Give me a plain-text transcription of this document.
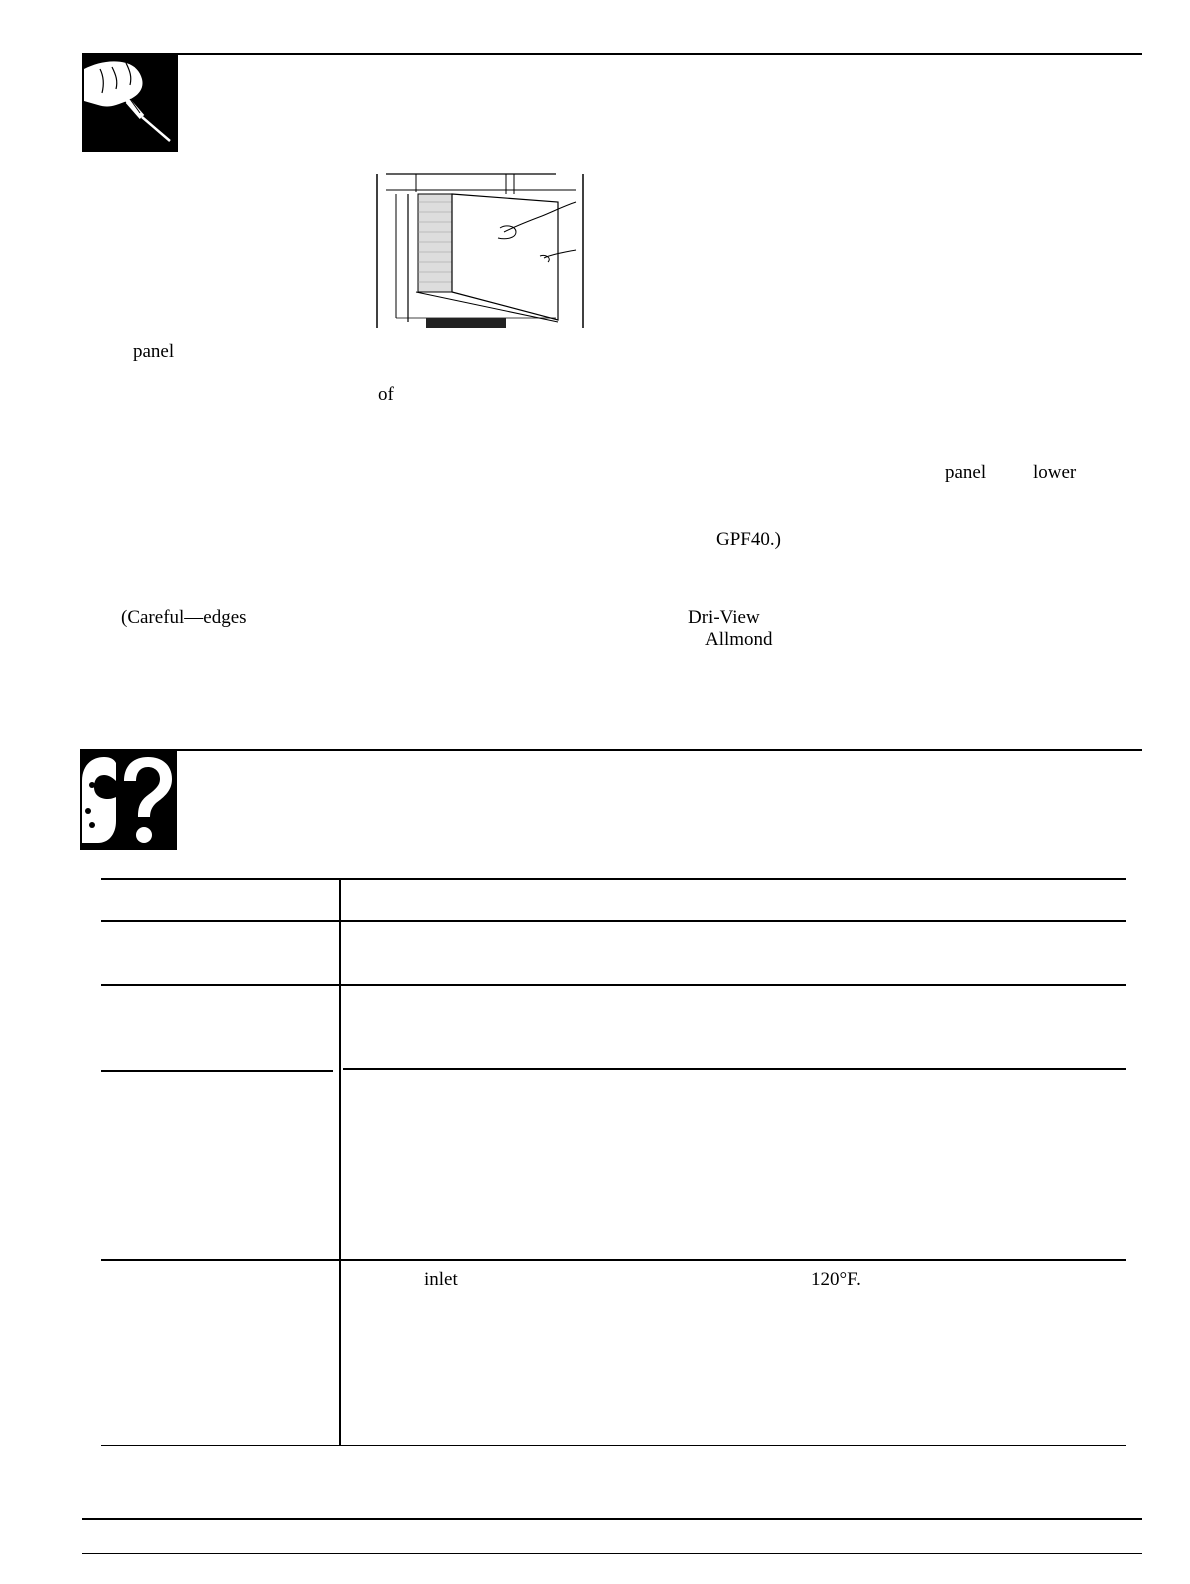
panel
of
panel lower
GPF40.)
(Careful—edges	Dri-View
Allmond
inlet	120°F.
